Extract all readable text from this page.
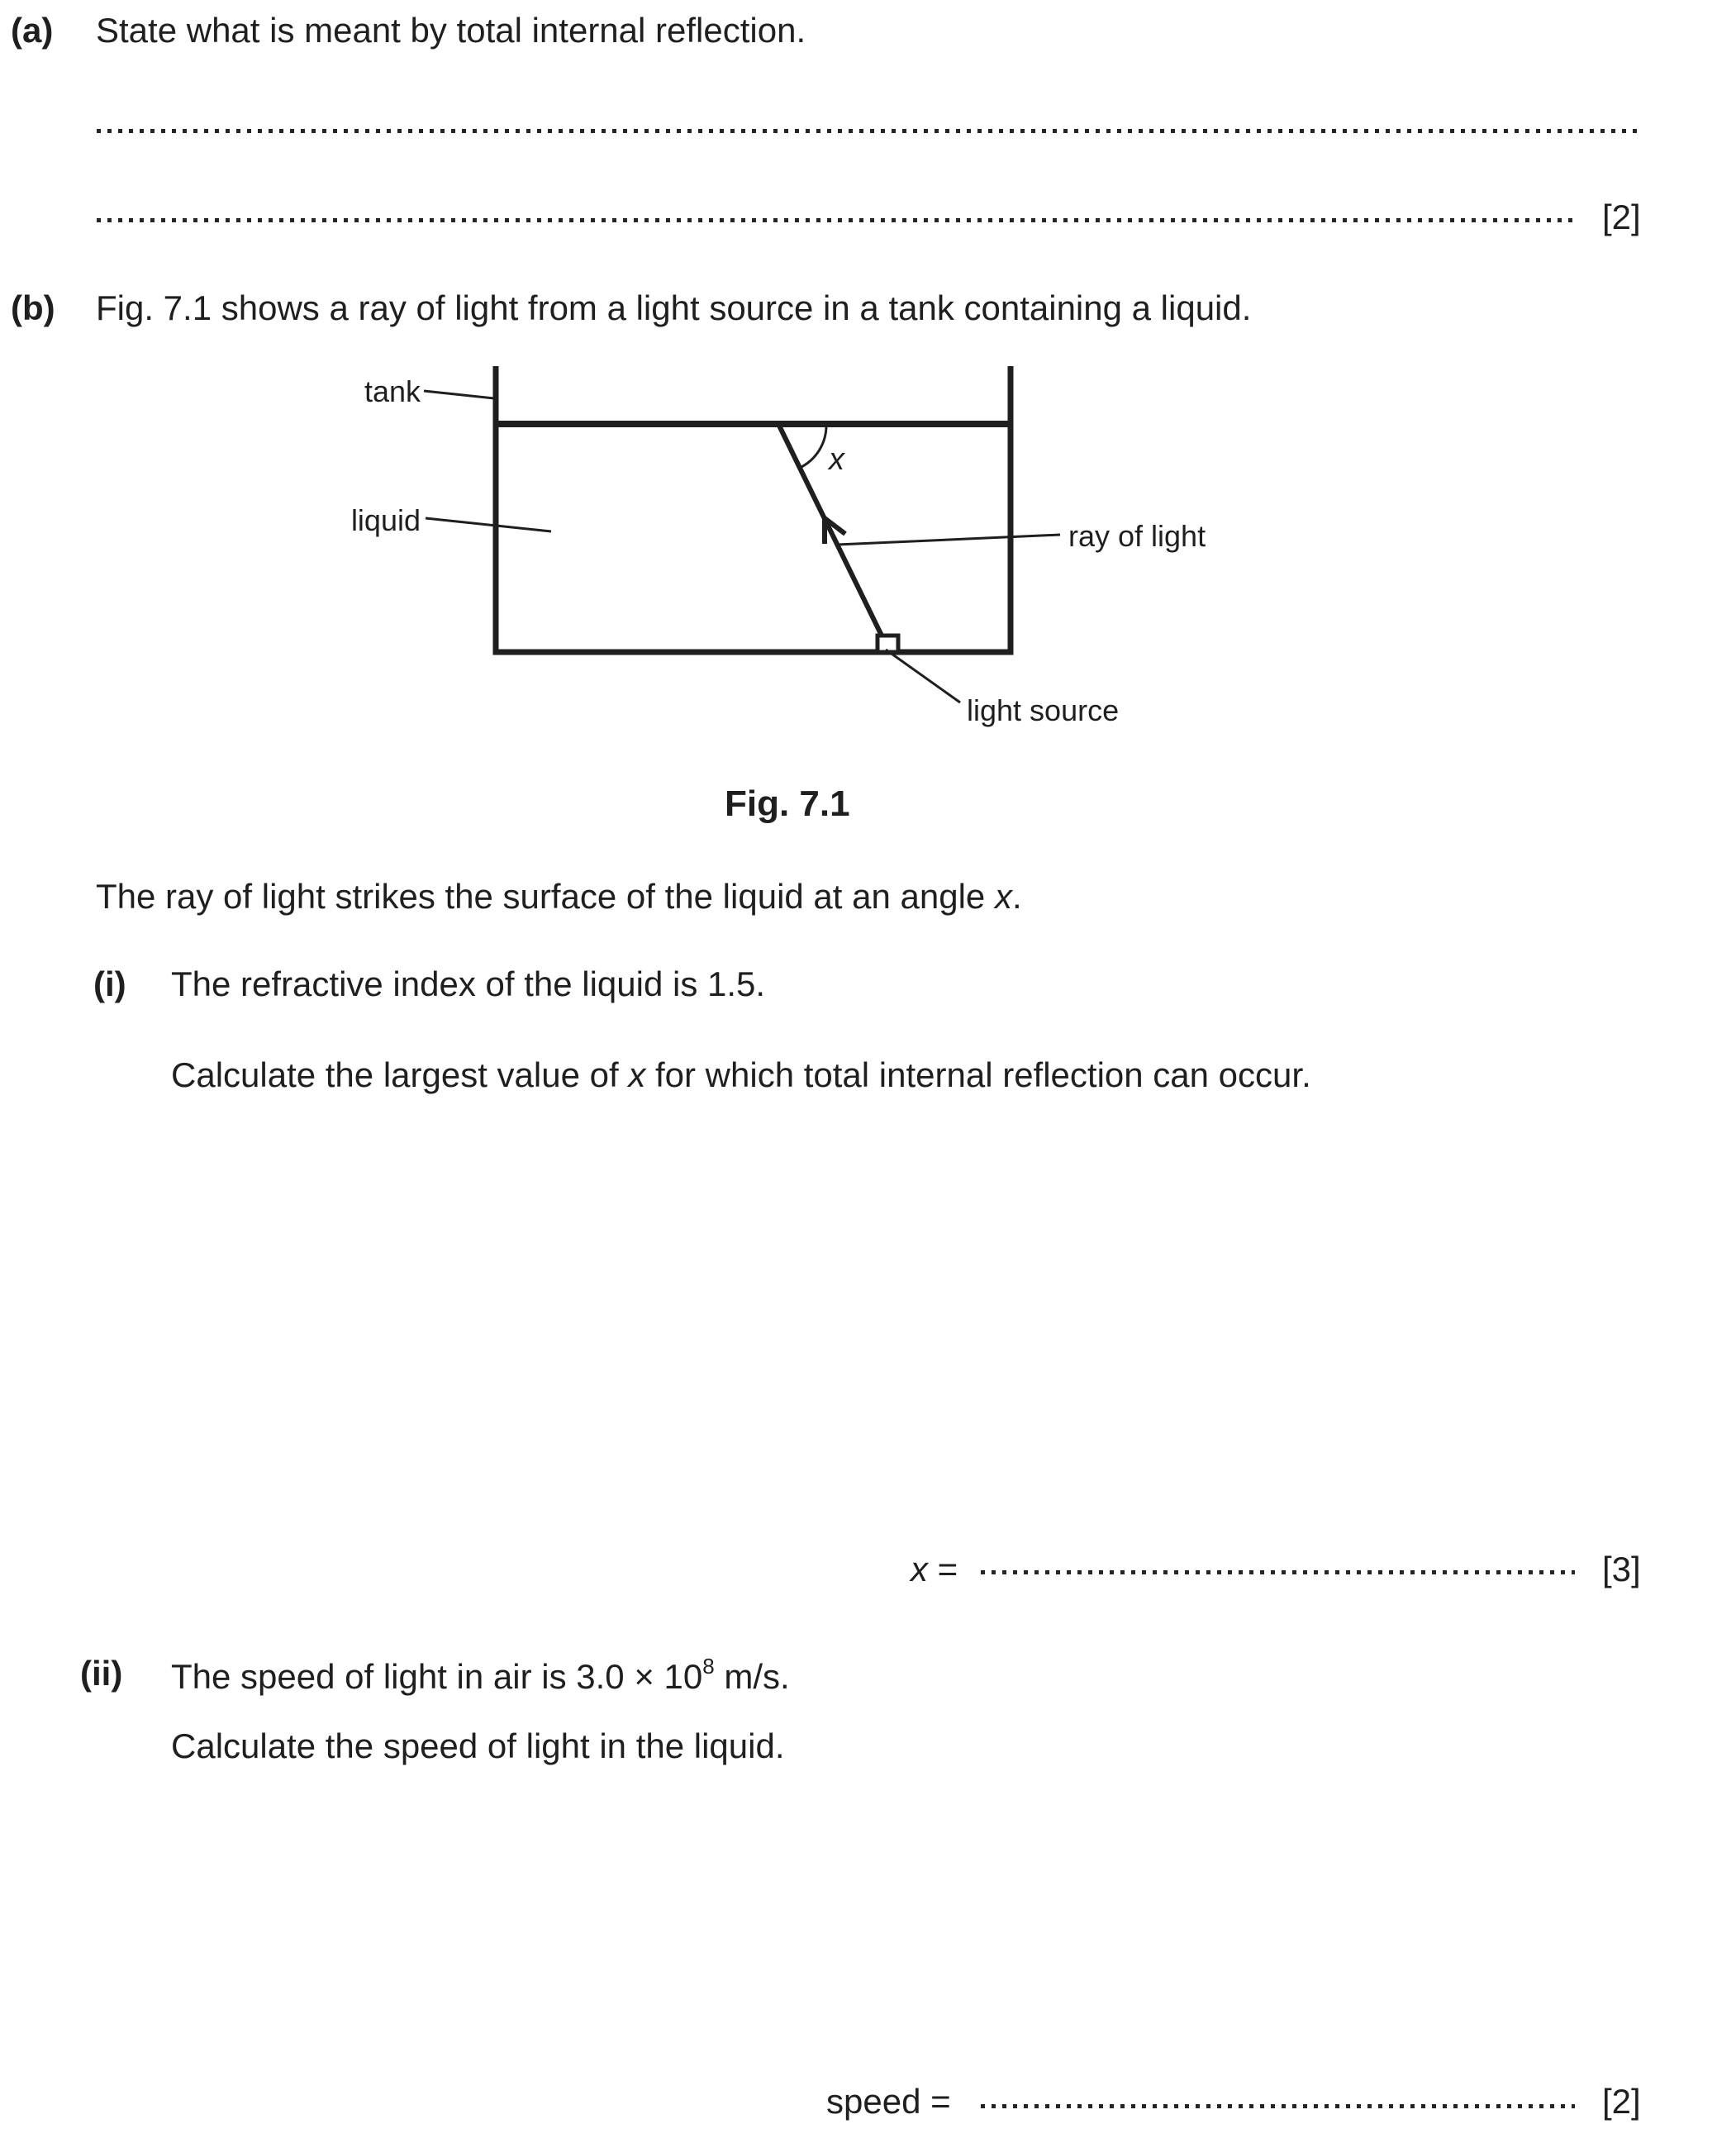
(a) State what is meant by total internal reflection.
[2]
(b) Fig. 7.1 shows a ray of light from a light source in a tank containing a liquid.
x
tank
liquid	ray of light
light source
Fig. 7.1
The ray of light strikes the surface of the liquid at an angle x.
(i) The refractive index of the liquid is 1.5.
Calculate the largest value of x for which total internal reflection can occur.
x =	[3]
(ii) The speed of light in air is $3.0 \times 10^8$ m/s.
Calculate the speed of light in the liquid.
speed =	[2]
